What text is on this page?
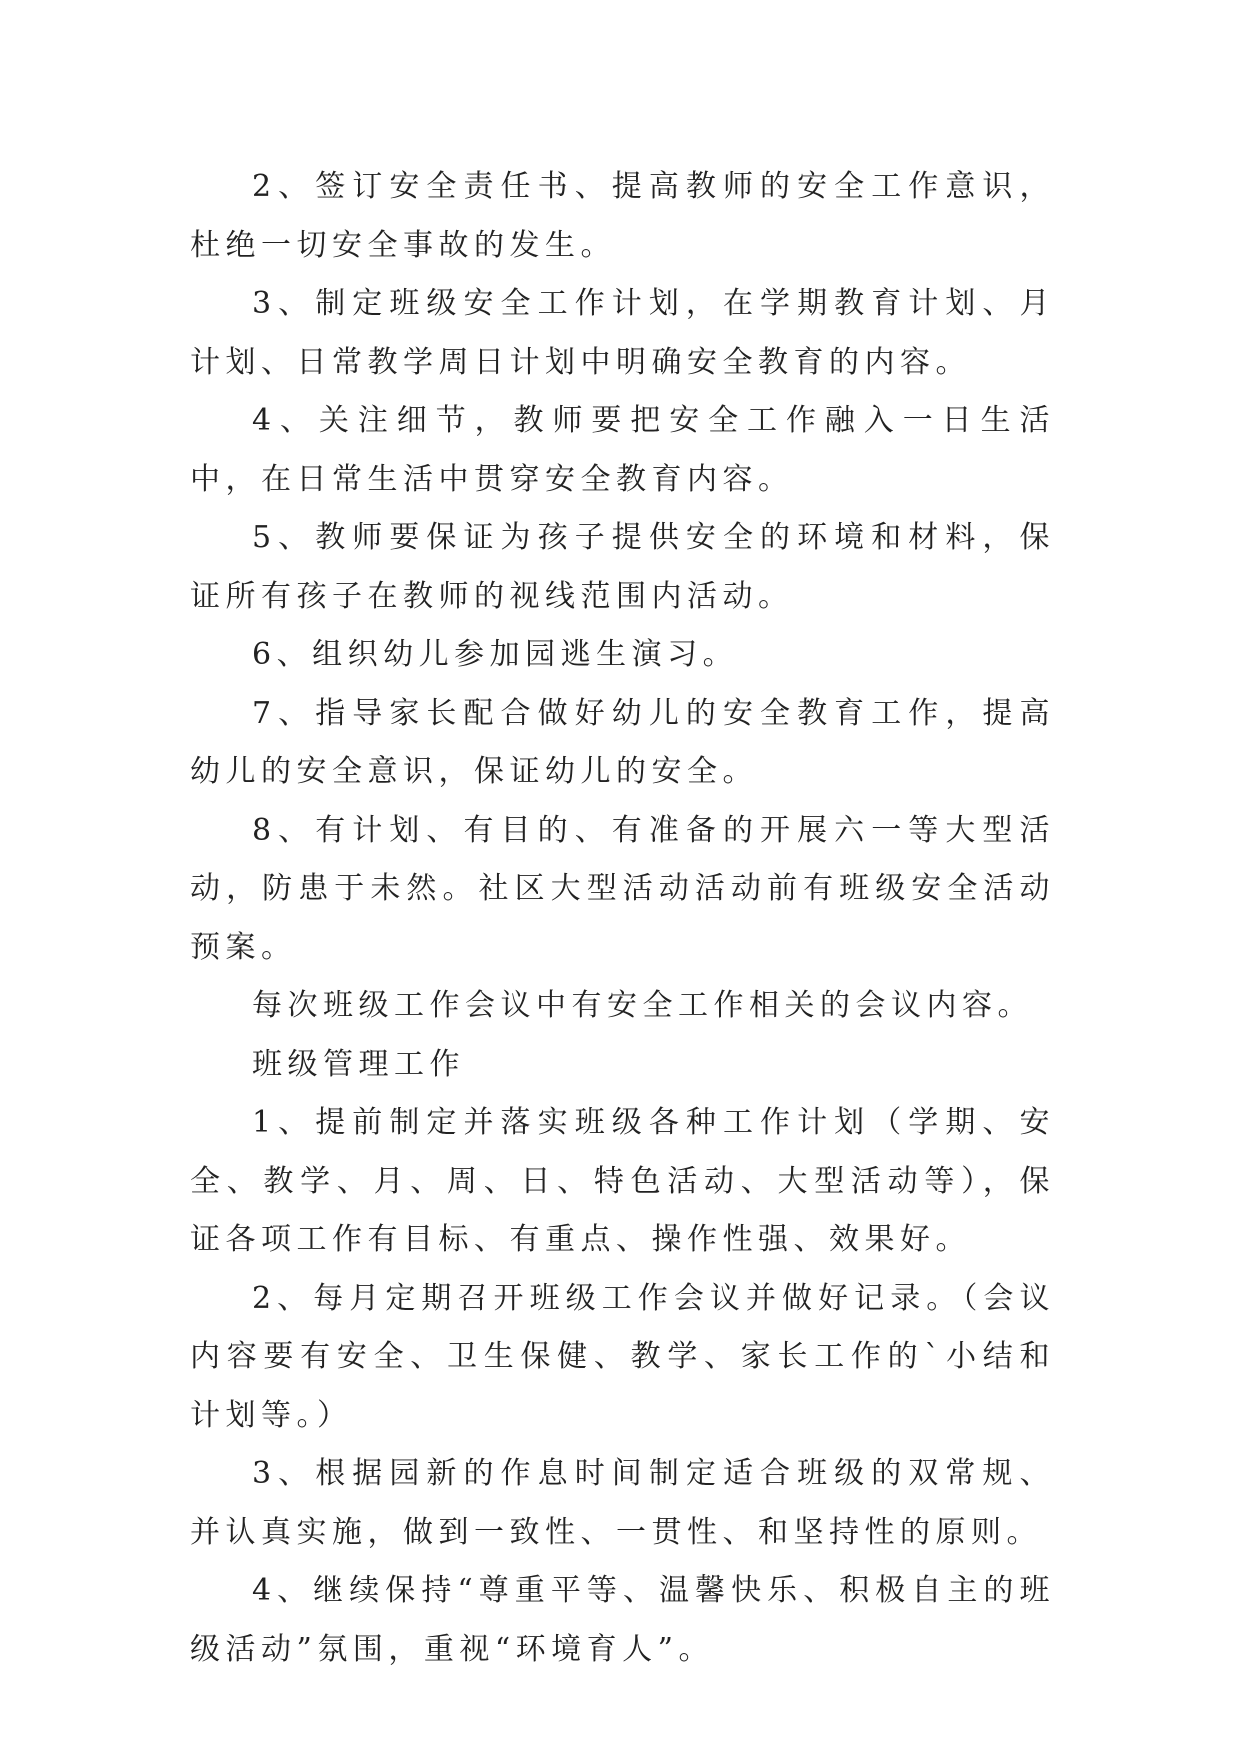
2、签订安全责任书、提高教师的安全工作意识，杜绝一切安全事故的发生。

3、制定班级安全工作计划，在学期教育计划、月计划、日常教学周日计划中明确安全教育的内容。

4、关注细节，教师要把安全工作融入一日生活中，在日常生活中贯穿安全教育内容。

5、教师要保证为孩子提供安全的环境和材料，保证所有孩子在教师的视线范围内活动。

6、组织幼儿参加园逃生演习。

7、指导家长配合做好幼儿的安全教育工作，提高幼儿的安全意识，保证幼儿的安全。

8、有计划、有目的、有准备的开展六一等大型活动，防患于未然。社区大型活动活动前有班级安全活动预案。

每次班级工作会议中有安全工作相关的会议内容。

班级管理工作

1、提前制定并落实班级各种工作计划（学期、安全、教学、月、周、日、特色活动、大型活动等），保证各项工作有目标、有重点、操作性强、效果好。

2、每月定期召开班级工作会议并做好记录。（会议内容要有安全、卫生保健、教学、家长工作的`小结和计划等。）

3、根据园新的作息时间制定适合班级的双常规、并认真实施，做到一致性、一贯性、和坚持性的原则。

4、继续保持“尊重平等、温馨快乐、积极自主的班级活动”氛围，重视“环境育人”。
